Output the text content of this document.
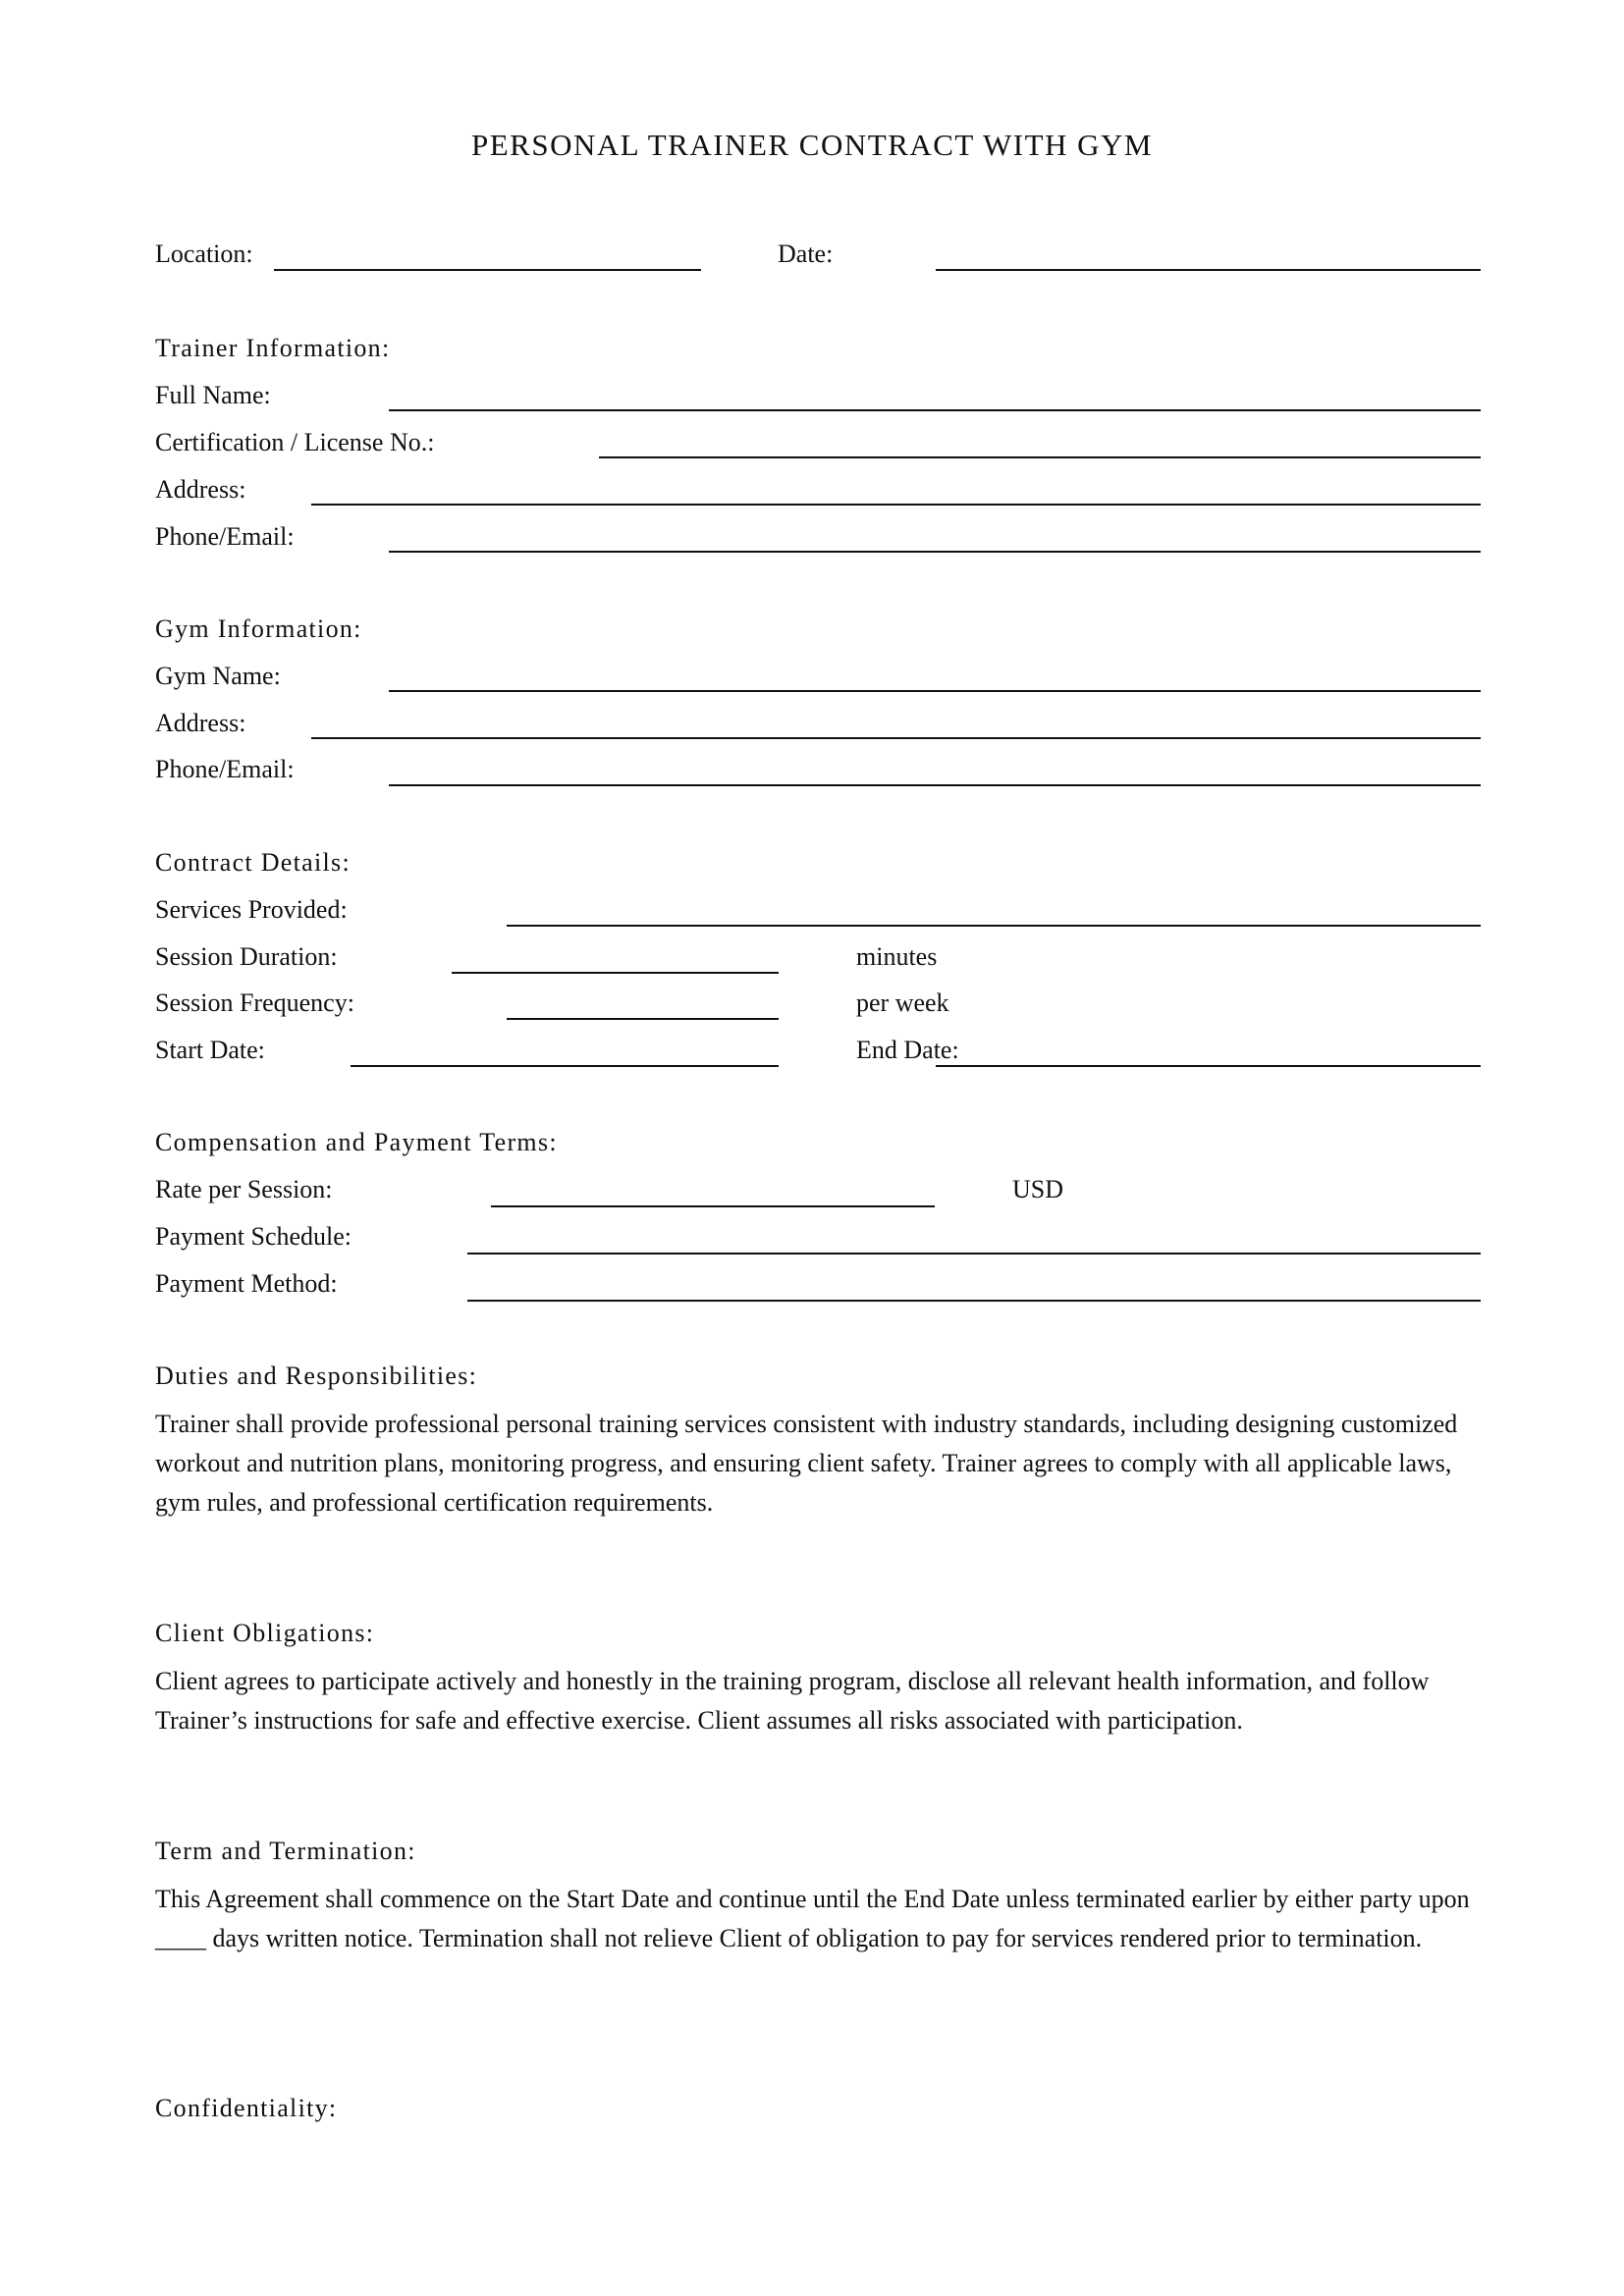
PERSONAL TRAINER CONTRACT WITH GYM
Location:	Date:
Trainer Information:
Full Name:
Certification / License No.:
Address:
Phone/Email:
Gym Information:
Gym Name:
Address:
Phone/Email:
Contract Details:
Services Provided:
Session Duration:	minutes
Session Frequency:	per week
Start Date:	End Date:
Compensation and Payment Terms:
Rate per Session:	USD
Payment Schedule:
Payment Method:
Duties and Responsibilities:
Trainer shall provide professional personal training services consistent with industry standards, including designing customized workout and nutrition plans, monitoring progress, and ensuring client safety. Trainer agrees to comply with all applicable laws, gym rules, and professional certification requirements.
Client Obligations:
Client agrees to participate actively and honestly in the training program, disclose all relevant health information, and follow Trainer’s instructions for safe and effective exercise. Client assumes all risks associated with participation.
Term and Termination:
This Agreement shall commence on the Start Date and continue until the End Date unless terminated earlier by either party upon ____ days written notice. Termination shall not relieve Client of obligation to pay for services rendered prior to termination.
Confidentiality:
